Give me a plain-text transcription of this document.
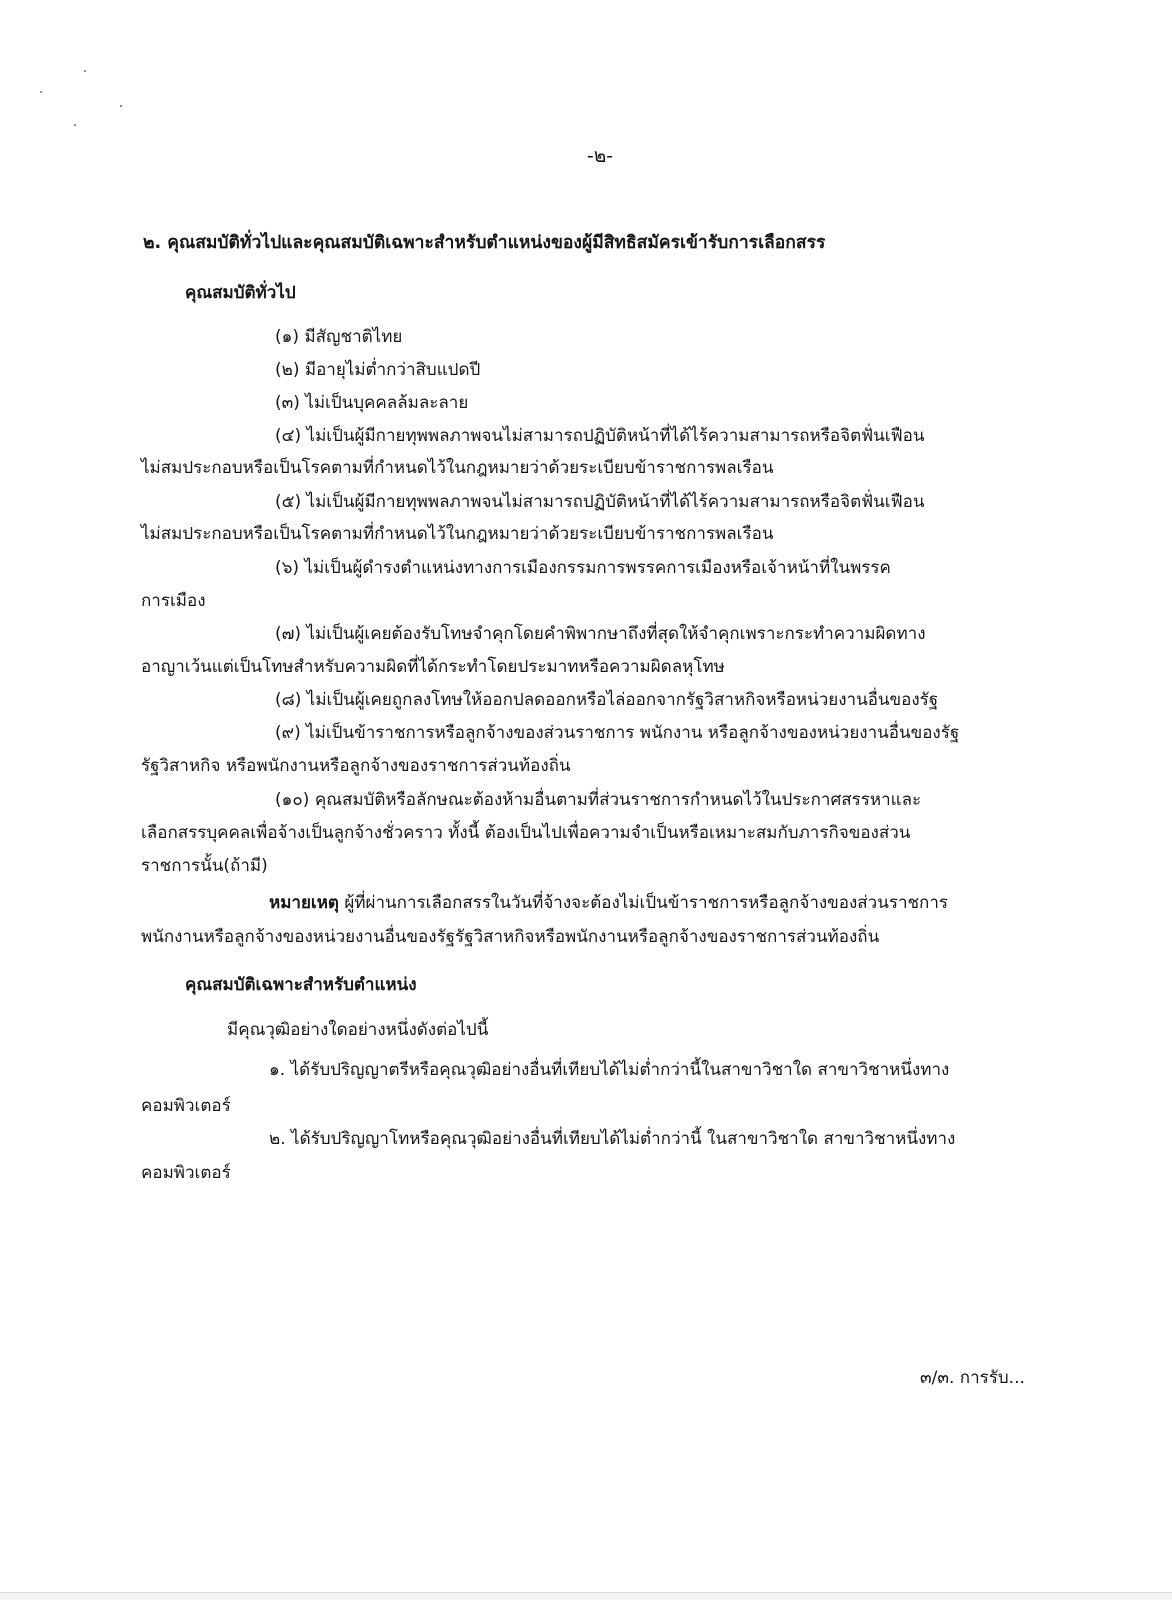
-๒-
๒. คุณสมบัติทั่วไปและคุณสมบัติเฉพาะสำหรับตำแหน่งของผู้มีสิทธิสมัครเข้ารับการเลือกสรร
คุณสมบัติทั่วไป
(๑) มีสัญชาติไทย
(๒) มีอายุไม่ต่ำกว่าสิบแปดปี
(๓) ไม่เป็นบุคคลล้มละลาย
(๔) ไม่เป็นผู้มีกายทุพพลภาพจนไม่สามารถปฏิบัติหน้าที่ได้ไร้ความสามารถหรือจิตฟั่นเฟือน
ไม่สมประกอบหรือเป็นโรคตามที่กำหนดไว้ในกฎหมายว่าด้วยระเบียบข้าราชการพลเรือน
(๕) ไม่เป็นผู้มีกายทุพพลภาพจนไม่สามารถปฏิบัติหน้าที่ได้ไร้ความสามารถหรือจิตฟั่นเฟือน
ไม่สมประกอบหรือเป็นโรคตามที่กำหนดไว้ในกฎหมายว่าด้วยระเบียบข้าราชการพลเรือน
(๖) ไม่เป็นผู้ดำรงตำแหน่งทางการเมืองกรรมการพรรคการเมืองหรือเจ้าหน้าที่ในพรรค
การเมือง
(๗) ไม่เป็นผู้เคยต้องรับโทษจำคุกโดยคำพิพากษาถึงที่สุดให้จำคุกเพราะกระทำความผิดทาง
อาญาเว้นแต่เป็นโทษสำหรับความผิดที่ได้กระทำโดยประมาทหรือความผิดลหุโทษ
(๘) ไม่เป็นผู้เคยถูกลงโทษให้ออกปลดออกหรือไล่ออกจากรัฐวิสาหกิจหรือหน่วยงานอื่นของรัฐ
(๙) ไม่เป็นข้าราชการหรือลูกจ้างของส่วนราชการ พนักงาน หรือลูกจ้างของหน่วยงานอื่นของรัฐ
รัฐวิสาหกิจ หรือพนักงานหรือลูกจ้างของราชการส่วนท้องถิ่น
(๑๐) คุณสมบัติหรือลักษณะต้องห้ามอื่นตามที่ส่วนราชการกำหนดไว้ในประกาศสรรหาและ
เลือกสรรบุคคลเพื่อจ้างเป็นลูกจ้างชั่วคราว ทั้งนี้ ต้องเป็นไปเพื่อความจำเป็นหรือเหมาะสมกับภารกิจของส่วน
ราชการนั้น(ถ้ามี)
หมายเหตุ ผู้ที่ผ่านการเลือกสรรในวันที่จ้างจะต้องไม่เป็นข้าราชการหรือลูกจ้างของส่วนราชการ
พนักงานหรือลูกจ้างของหน่วยงานอื่นของรัฐรัฐวิสาหกิจหรือพนักงานหรือลูกจ้างของราชการส่วนท้องถิ่น
คุณสมบัติเฉพาะสำหรับตำแหน่ง
มีคุณวุฒิอย่างใดอย่างหนึ่งดังต่อไปนี้
๑. ได้รับปริญญาตรีหรือคุณวุฒิอย่างอื่นที่เทียบได้ไม่ต่ำกว่านี้ในสาขาวิชาใด สาขาวิชาหนึ่งทาง
คอมพิวเตอร์
๒. ได้รับปริญญาโทหรือคุณวุฒิอย่างอื่นที่เทียบได้ไม่ต่ำกว่านี้ ในสาขาวิชาใด สาขาวิชาหนึ่งทาง
คอมพิวเตอร์
๓/๓. การรับ...
